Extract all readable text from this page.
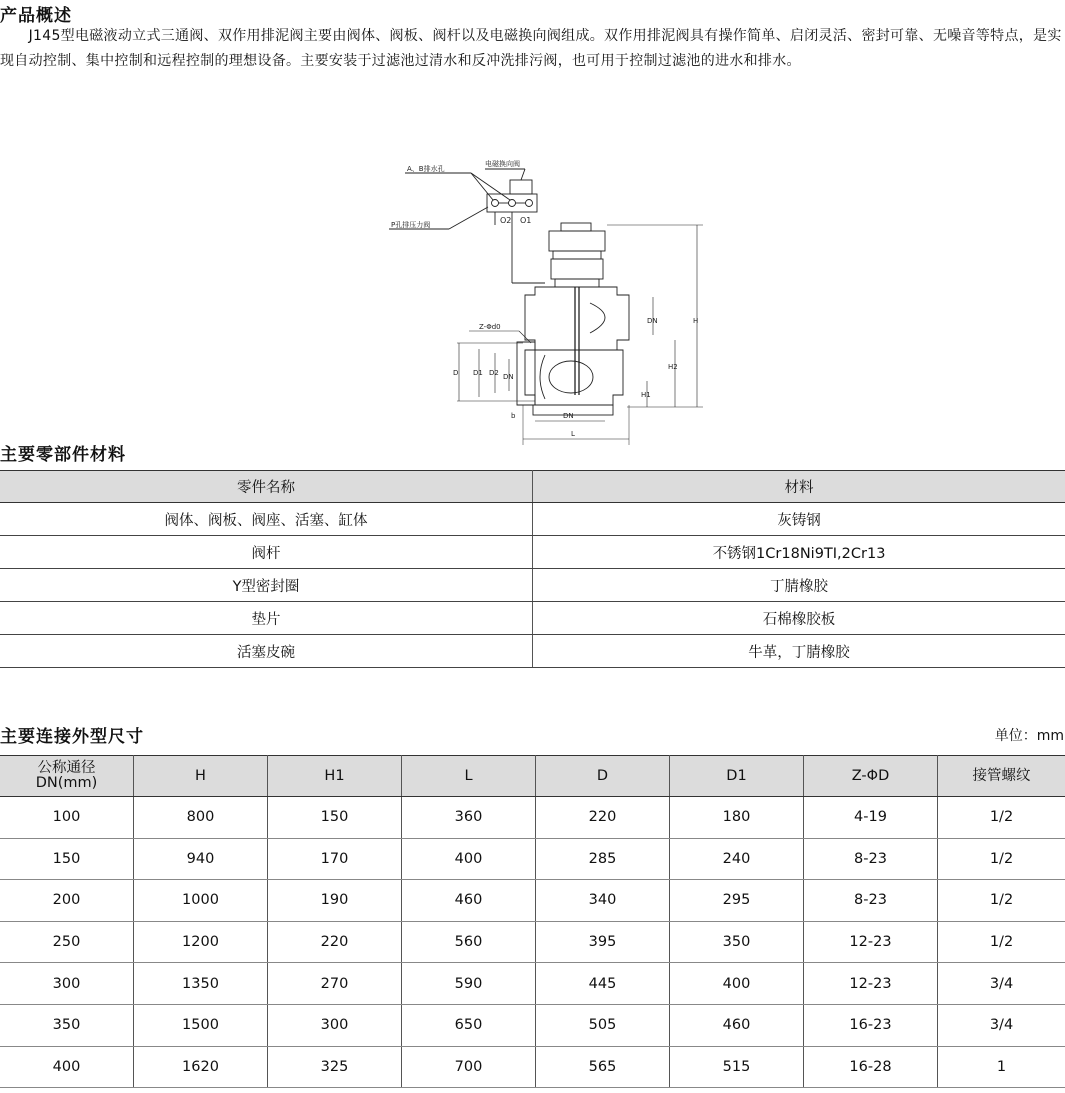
产品概述
　　J145型电磁液动立式三通阀、双作用排泥阀主要由阀体、阀板、阀杆以及电磁换向阀组成。双作用排泥阀具有操作简单、启闭灵活、密封可靠、无噪音等特点，是实现自动控制、集中控制和远程控制的理想设备。主要安装于过滤池过清水和反冲洗排污阀，也可用于控制过滤池的进水和排水。
A、B排水孔
电磁换向阀
P孔排压力阀	O2 O1
Z-Φd0
H
H2
H1
DN
D D1 D2 DN
DN
L
b
主要零部件材料
零件名称	材料
阀体、阀板、阀座、活塞、缸体	灰铸钢
阀杆	不锈钢1Cr18Ni9TI,2Cr13
Y型密封圈	丁腈橡胶
垫片	石棉橡胶板
活塞皮碗	牛革，丁腈橡胶
主要连接外型尺寸	单位：mm
公称通径
DN(mm)	H	H1	L	D	D1	Z-ΦD	接管螺纹
100	800	150	360	220	180	4-19	1/2
150	940	170	400	285	240	8-23	1/2
200	1000	190	460	340	295	8-23	1/2
250	1200	220	560	395	350	12-23	1/2
300	1350	270	590	445	400	12-23	3/4
350	1500	300	650	505	460	16-23	3/4
400	1620	325	700	565	515	16-28	1
